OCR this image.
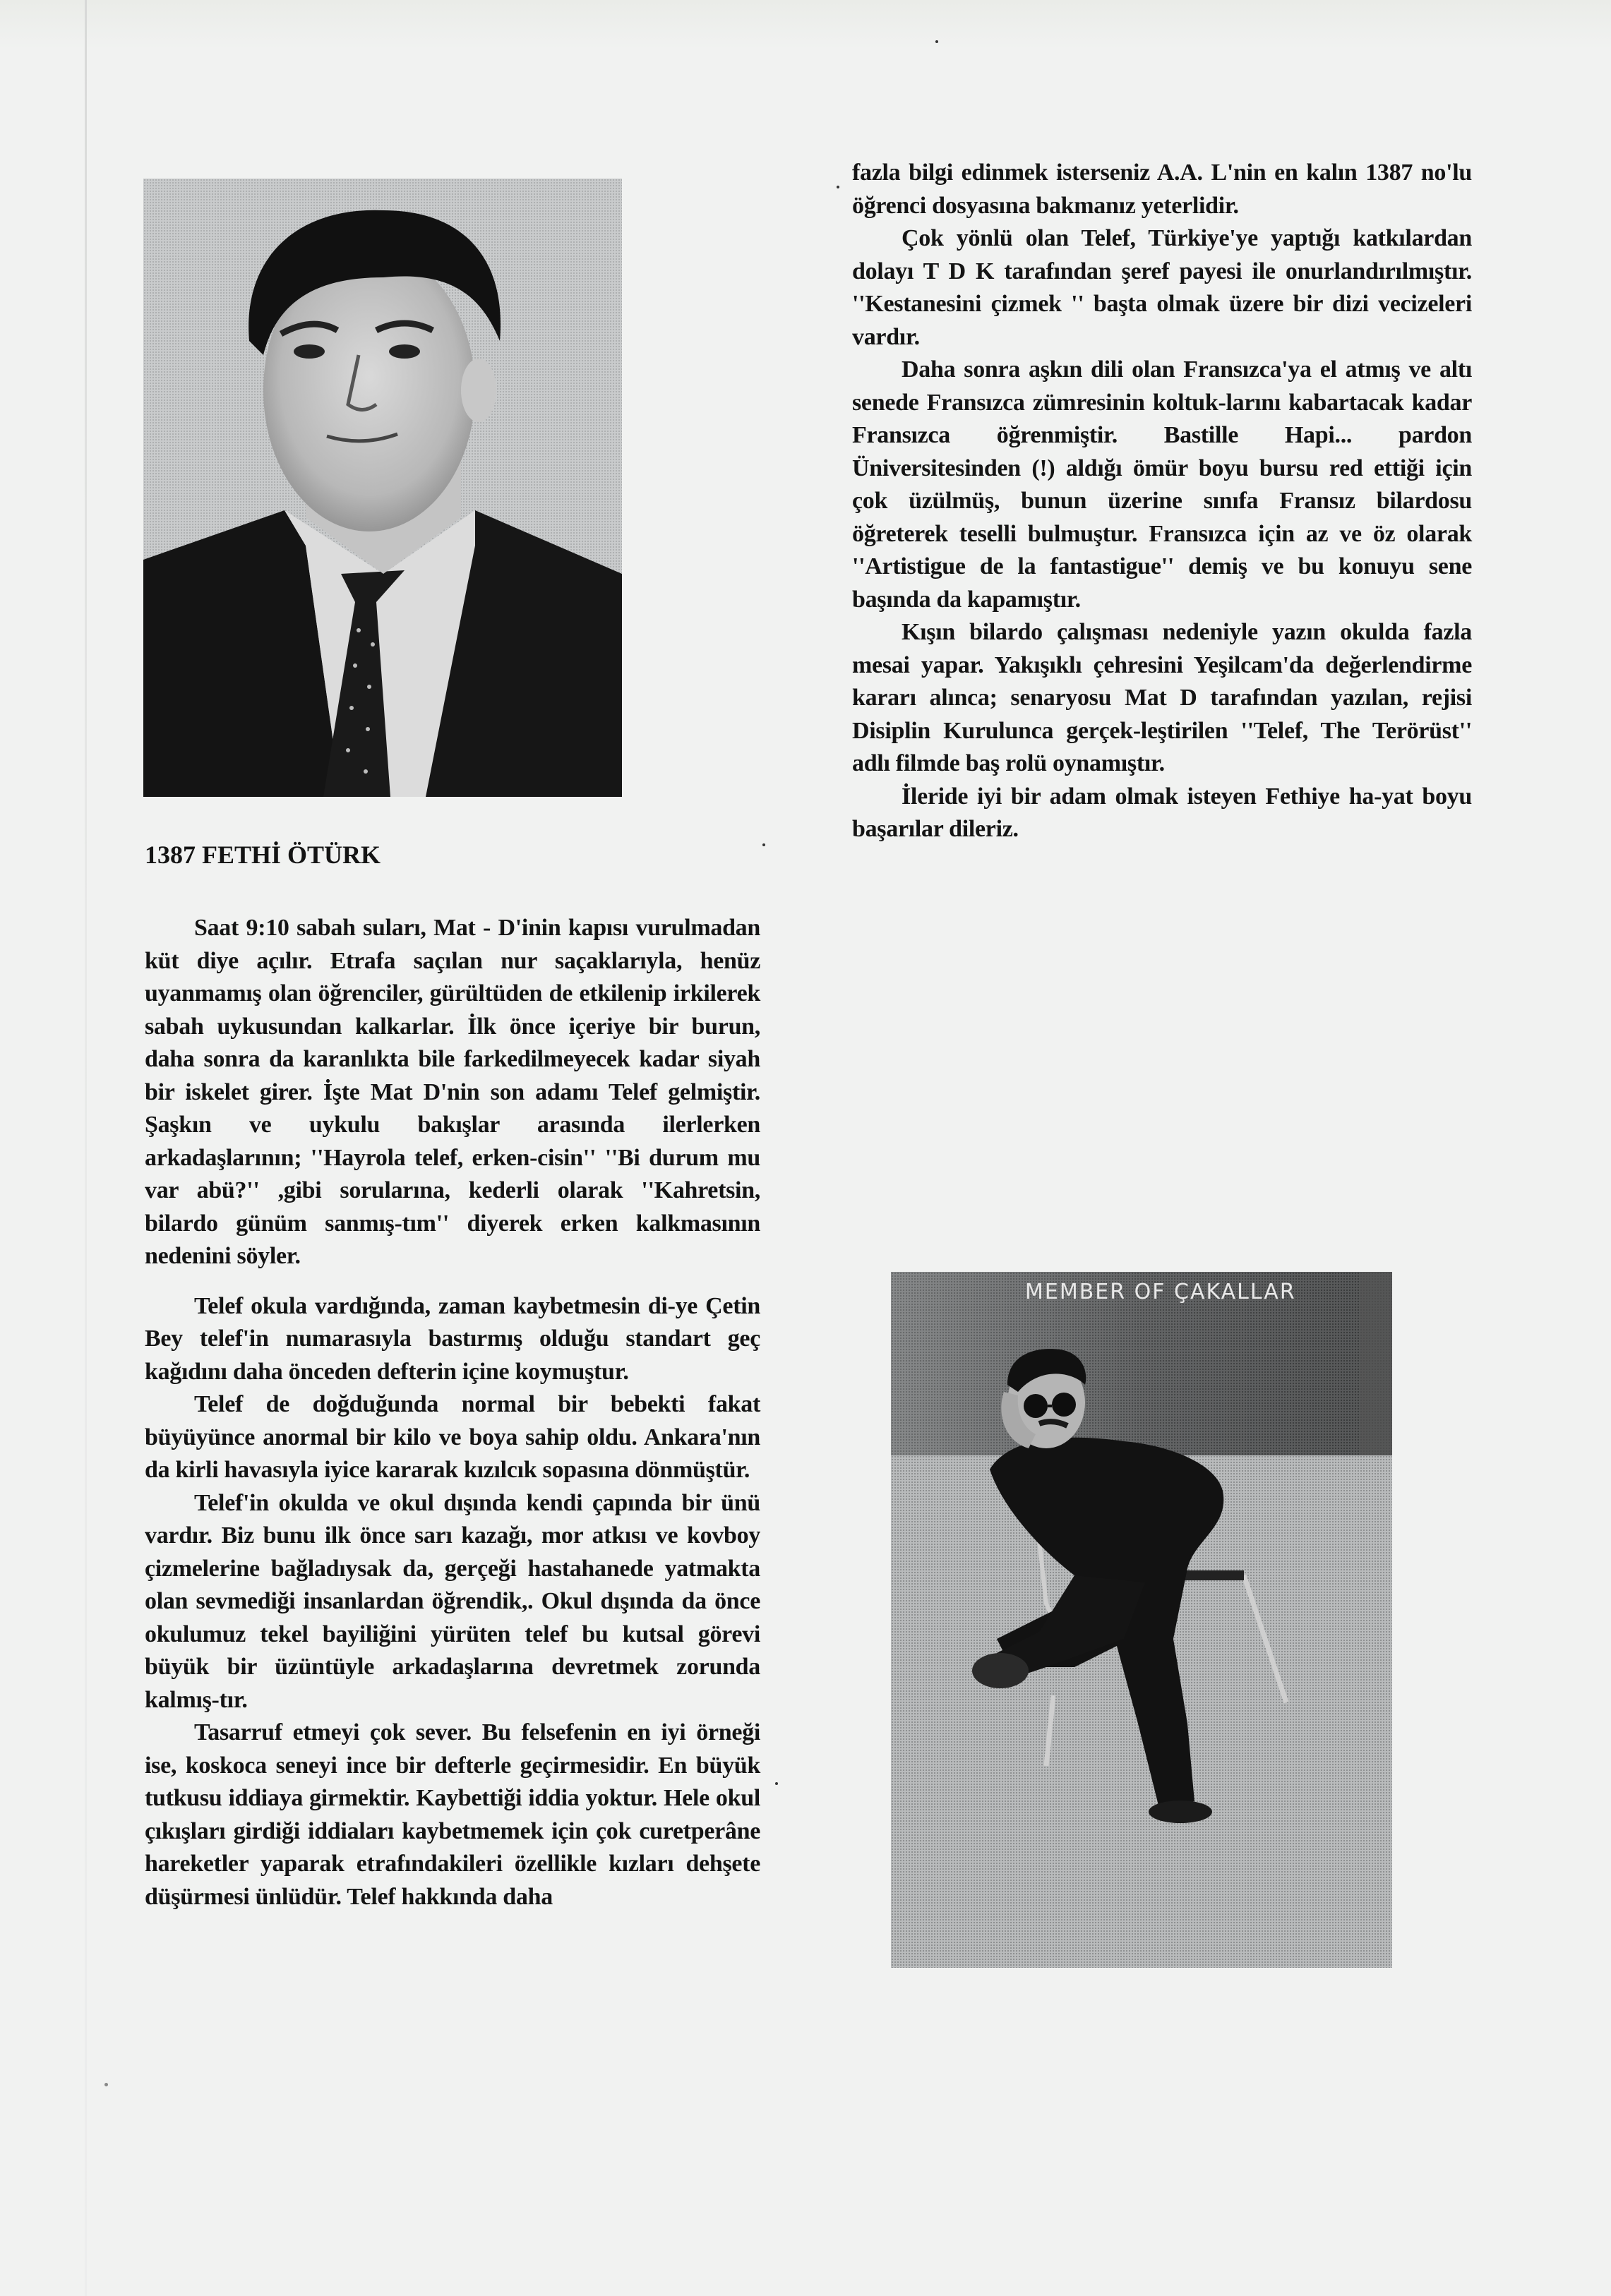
1387 FETHİ ÖTÜRK

Saat 9:10 sabah suları, Mat - D'inin kapısı vurulmadan küt diye açılır. Etrafa saçılan nur saçaklarıyla, henüz uyanmamış olan öğrenciler, gürültüden de etkilenip irkilerek sabah uykusundan kalkarlar. İlk önce içeriye bir burun, daha sonra da karanlıkta bile farkedilmeyecek kadar siyah bir iskelet girer. İşte Mat D'nin son adamı Telef gelmiştir. Şaşkın ve uykulu bakışlar arasında ilerlerken arkadaşlarının; ''Hayrola telef, erken-cisin'' ''Bi durum mu var abü?'' ,gibi sorularına, kederli olarak ''Kahretsin, bilardo günüm sanmış-tım'' diyerek erken kalkmasının nedenini söyler.

Telef okula vardığında, zaman kaybetmesin di-ye Çetin Bey telef'in numarasıyla bastırmış olduğu standart geç kağıdını daha önceden defterin içine koymuştur.

Telef de doğduğunda normal bir bebekti fakat büyüyünce anormal bir kilo ve boya sahip oldu. Ankara'nın da kirli havasıyla iyice kararak kızılcık sopasına dönmüştür.

Telef'in okulda ve okul dışında kendi çapında bir ünü vardır. Biz bunu ilk önce sarı kazağı, mor atkısı ve kovboy çizmelerine bağladıysak da, gerçeği hastahanede yatmakta olan sevmediği insanlardan öğrendik,. Okul dışında da önce okulumuz tekel bayiliğini yürüten telef bu kutsal görevi büyük bir üzüntüyle arkadaşlarına devretmek zorunda kalmış-tır.

Tasarruf etmeyi çok sever. Bu felsefenin en iyi örneği ise, koskoca seneyi ince bir defterle geçirmesidir. En büyük tutkusu iddiaya girmektir. Kaybettiği iddia yoktur. Hele okul çıkışları girdiği iddiaları kaybetmemek için çok curetperâne hareketler yaparak etrafındakileri özellikle kızları dehşete düşürmesi ünlüdür. Telef hakkında daha

fazla bilgi edinmek isterseniz A.A. L'nin en kalın 1387 no'lu öğrenci dosyasına bakmanız yeterlidir.

Çok yönlü olan Telef, Türkiye'ye yaptığı katkılardan dolayı T D K tarafından şeref payesi ile onurlandırılmıştır. ''Kestanesini çizmek '' başta olmak üzere bir dizi vecizeleri vardır.

Daha sonra aşkın dili olan Fransızca'ya el atmış ve altı senede Fransızca zümresinin koltuk-larını kabartacak kadar Fransızca öğrenmiştir. Bastille Hapi... pardon Üniversitesinden (!) aldığı ömür boyu bursu red ettiği için çok üzülmüş, bunun üzerine sınıfa Fransız bilardosu öğreterek teselli bulmuştur. Fransızca için az ve öz olarak ''Artistigue de la fantastigue'' demiş ve bu konuyu sene başında da kapamıştır.

Kışın bilardo çalışması nedeniyle yazın okulda fazla mesai yapar. Yakışıklı çehresini Yeşilcam'da değerlendirme kararı alınca; senaryosu Mat D tarafından yazılan, rejisi Disiplin Kurulunca gerçek-leştirilen ''Telef, The Terörüst'' adlı filmde baş rolü oynamıştır.

İleride iyi bir adam olmak isteyen Fethiye ha-yat boyu başarılar dileriz.

MEMBER OF ÇAKALLAR
